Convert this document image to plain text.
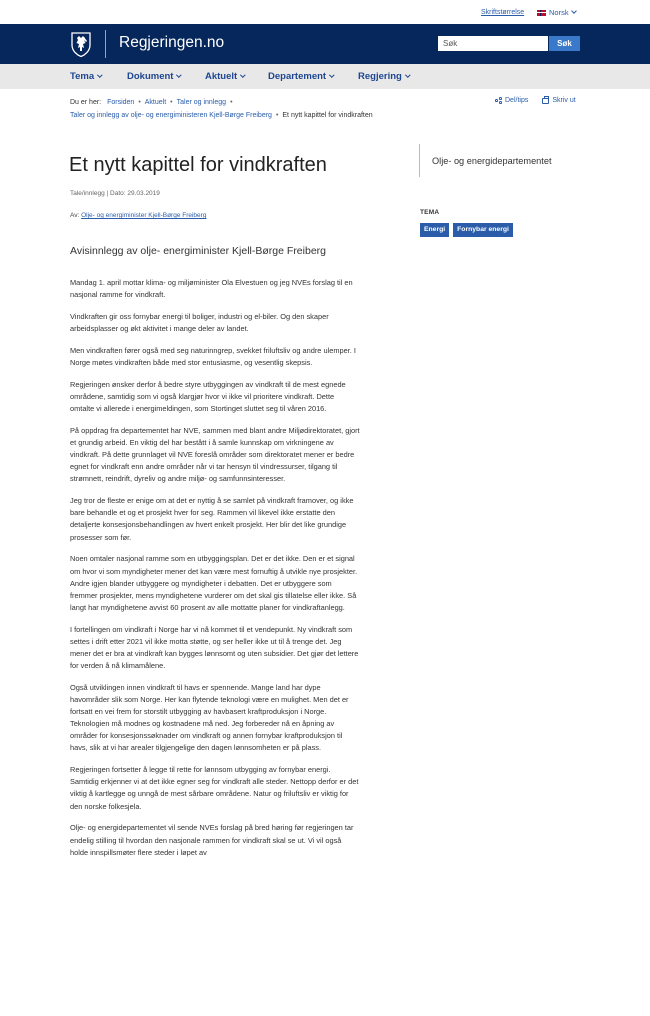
Skriftstørrelse	Norsk
Regjeringen.no
Søk	Søk
Tema	Dokument	Aktuelt	Departement	Regjering
Du er her: Forsiden • Aktuelt • Taler og innlegg •
Taler og innlegg av olje- og energiministeren Kjell-Børge Freiberg • Et nytt kapittel for vindkraften
Del/tips	Skriv ut
Et nytt kapittel for vindkraften
Tale/innlegg | Dato: 29.03.2019
Av: Olje- og energiminister Kjell-Børge Freiberg
Avisinnlegg av olje- energiminister Kjell-Børge Freiberg

Mandag 1. april mottar klima- og miljøminister Ola Elvestuen og jeg NVEs forslag til en nasjonal ramme for vindkraft.

Vindkraften gir oss fornybar energi til boliger, industri og el-biler. Og den skaper arbeidsplasser og økt aktivitet i mange deler av landet.

Men vindkraften fører også med seg naturinngrep, svekket friluftsliv og andre ulemper. I Norge møtes vindkraften både med stor entusiasme, og vesentlig skepsis.

Regjeringen ønsker derfor å bedre styre utbyggingen av vindkraft til de mest egnede områdene, samtidig som vi også klargjør hvor vi ikke vil prioritere vindkraft. Dette omtalte vi allerede i energimeldingen, som Stortinget sluttet seg til våren 2016.

På oppdrag fra departementet har NVE, sammen med blant andre Miljødirektoratet, gjort et grundig arbeid. En viktig del har bestått i å samle kunnskap om virkningene av vindkraft. På dette grunnlaget vil NVE foreslå områder som direktoratet mener er bedre egnet for vindkraft enn andre områder når vi tar hensyn til vindressurser, tilgang til strømnett, reindrift, dyreliv og andre miljø- og samfunnsinteresser.

Jeg tror de fleste er enige om at det er nyttig å se samlet på vindkraft framover, og ikke bare behandle et og et prosjekt hver for seg. Rammen vil likevel ikke erstatte den detaljerte konsesjonsbehandlingen av hvert enkelt prosjekt. Her blir det like grundige prosesser som før.

Noen omtaler nasjonal ramme som en utbyggingsplan. Det er det ikke. Den er et signal om hvor vi som myndigheter mener det kan være mest fornuftig å utvikle nye prosjekter. Andre igjen blander utbyggere og myndigheter i debatten. Det er utbyggere som fremmer prosjekter, mens myndighetene vurderer om det skal gis tillatelse eller ikke. Så langt har myndighetene avvist 60 prosent av alle mottatte planer for vindkraftanlegg.

I fortellingen om vindkraft i Norge har vi nå kommet til et vendepunkt. Ny vindkraft som settes i drift etter 2021 vil ikke motta støtte, og ser heller ikke ut til å trenge det. Jeg mener det er bra at vindkraft kan bygges lønnsomt og uten subsidier. Det gjør det lettere for verden å nå klimamålene.

Også utviklingen innen vindkraft til havs er spennende. Mange land har dype havområder slik som Norge. Her kan flytende teknologi være en mulighet. Men det er fortsatt en vei frem for storstilt utbygging av havbasert kraftproduksjon i Norge. Teknologien må modnes og kostnadene må ned. Jeg forbereder nå en åpning av områder for konsesjonssøknader om vindkraft og annen fornybar kraftproduksjon til havs, slik at vi har arealer tilgjengelige den dagen lønnsomheten er på plass.

Regjeringen fortsetter å legge til rette for lønnsom utbygging av fornybar energi. Samtidig erkjenner vi at det ikke egner seg for vindkraft alle steder. Nettopp derfor er det viktig å kartlegge og unngå de mest sårbare områdene. Natur og friluftsliv er viktig for den norske folkesjela.

Olje- og energidepartementet vil sende NVEs forslag på bred høring før regjeringen tar endelig stilling til hvordan den nasjonale rammen for vindkraft skal se ut. Vi vil også holde innspillsmøter flere steder i løpet av

Olje- og energidepartementet
TEMA
Energi	Fornybar energi
